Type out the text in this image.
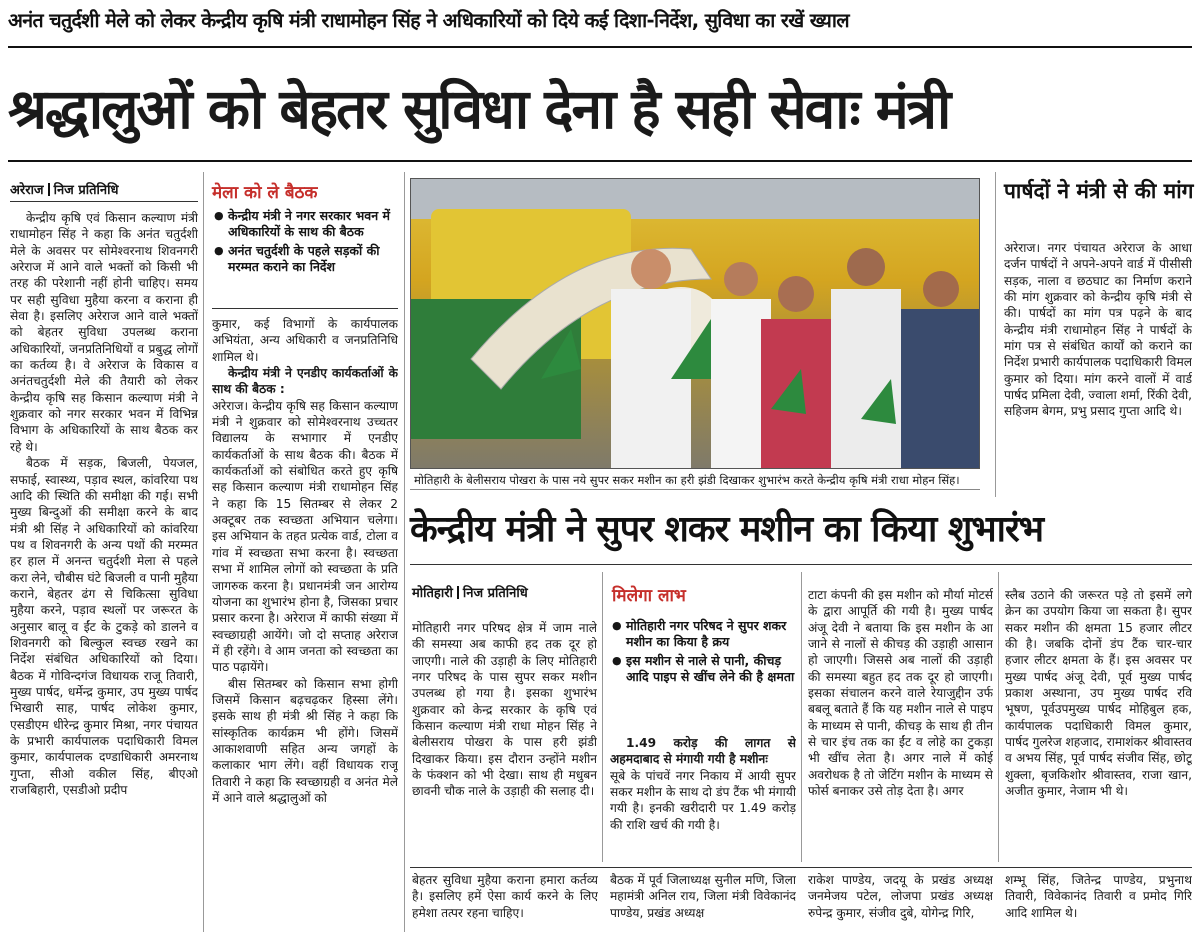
अनंत चतुर्दशी मेले को लेकर केन्द्रीय कृषि मंत्री राधामोहन सिंह ने अधिकारियों को दिये कई दिशा-निर्देश, सुविधा का रखें ख्याल
श्रद्धालुओं को बेहतर सुविधा देना है सही सेवाः मंत्री
अरेराज निज प्रतिनिधि

केन्द्रीय कृषि एवं किसान कल्याण मंत्री राधामोहन सिंह ने कहा कि अनंत चतुर्दशी मेले के अवसर पर सोमेश्वरनाथ शिवनगरी अरेराज में आने वाले भक्तों को किसी भी तरह की परेशानी नहीं होनी चाहिए। समय पर सही सुविधा मुहैया करना व कराना ही सेवा है। इसलिए अरेराज आने वाले भक्तों को बेहतर सुविधा उपलब्ध कराना अधिकारियों, जनप्रतिनिधियों व प्रबुद्ध लोगों का कर्तव्य है। वे अरेराज के विकास व अनंतचतुर्दशी मेले की तैयारी को लेकर केन्द्रीय कृषि सह किसान कल्याण मंत्री ने शुक्रवार को नगर सरकार भवन में विभिन्न विभाग के अधिकारियों के साथ बैठक कर रहे थे।

बैठक में सड़क, बिजली, पेयजल, सफाई, स्वास्थ्य, पड़ाव स्थल, कांवरिया पथ आदि की स्थिति की समीक्षा की गई। सभी मुख्य बिन्दुओं की समीक्षा करने के बाद मंत्री श्री सिंह ने अधिकारियों को कांवरिया पथ व शिवनगरी के अन्य पथों की मरम्मत हर हाल में अनन्त चतुर्दशी मेला से पहले करा लेने, चौबीस घंटे बिजली व पानी मुहैया कराने, बेहतर ढंग से चिकित्सा सुविधा मुहैया करने, पड़ाव स्थलों पर जरूरत के अनुसार बालू व ईंट के टुकड़े को डालने व शिवनगरी को बिल्कुल स्वच्छ रखने का निर्देश संबंधित अधिकारियों को दिया। बैठक में गोविन्दगंज विधायक राजू तिवारी, मुख्य पार्षद, धर्मेन्द्र कुमार, उप मुख्य पार्षद भिखारी साह, पार्षद लोकेश कुमार, एसडीएम धीरेन्द्र कुमार मिश्रा, नगर पंचायत के प्रभारी कार्यपालक पदाधिकारी विमल कुमार, कार्यपालक दण्डाधिकारी अमरनाथ गुप्ता, सीओ वकील सिंह, बीएओ राजबिहारी, एसडीओ प्रदीप

मेला को ले बैठक
● केन्द्रीय मंत्री ने नगर सरकार भवन में अधिकारियों के साथ की बैठक
● अनंत चतुर्दशी के पहले सड़कों की मरम्मत कराने का निर्देश

कुमार, कई विभागों के कार्यपालक अभियंता, अन्य अधिकारी व जनप्रतिनिधि शामिल थे।

केन्द्रीय मंत्री ने एनडीए कार्यकर्ताओं के साथ की बैठक :

अरेराज। केन्द्रीय कृषि सह किसान कल्याण मंत्री ने शुक्रवार को सोमेश्वरनाथ उच्चतर विद्यालय के सभागार में एनडीए कार्यकर्ताओं के साथ बैठक की। बैठक में कार्यकर्ताओं को संबोधित करते हुए कृषि सह किसान कल्याण मंत्री राधामोहन सिंह ने कहा कि 15 सितम्बर से लेकर 2 अक्टूबर तक स्वच्छता अभियान चलेगा। इस अभियान के तहत प्रत्येक वार्ड, टोला व गांव में स्वच्छता सभा करना है। स्वच्छता सभा में शामिल लोगों को स्वच्छता के प्रति जागरुक करना है। प्रधानमंत्री जन आरोग्य योजना का शुभारंभ होना है, जिसका प्रचार प्रसार करना है। अरेराज में काफी संख्या में स्वच्छाग्रही आयेंगे। जो दो सप्ताह अरेराज में ही रहेंगे। वे आम जनता को स्वच्छता का पाठ पढ़ायेंगे।

बीस सितम्बर को किसान सभा होगी जिसमें किसान बढ़चढ़कर हिस्सा लेंगे। इसके साथ ही मंत्री श्री सिंह ने कहा कि सांस्कृतिक कार्यक्रम भी होंगे। जिसमें आकाशवाणी सहित अन्य जगहों के कलाकार भाग लेंगे। वहीं विधायक राजू तिवारी ने कहा कि स्वच्छाग्रही व अनंत मेले में आने वाले श्रद्धालुओं को

मोतिहारी के बेलीसराय पोखरा के पास नये सुपर सकर मशीन का हरी झंडी दिखाकर शुभारंभ करते केन्द्रीय कृषि मंत्री राधा मोहन सिंह।
पार्षदों ने मंत्री से की मांग

अरेराज। नगर पंचायत अरेराज के आधा दर्जन पार्षदों ने अपने-अपने वार्ड में पीसीसी सड़क, नाला व छठघाट का निर्माण कराने की मांग शुक्रवार को केन्द्रीय कृषि मंत्री से की। पार्षदों का मांग पत्र पढ़ने के बाद केन्द्रीय मंत्री राधामोहन सिंह ने पार्षदों के मांग पत्र से संबंधित कार्यों को कराने का निर्देश प्रभारी कार्यपालक पदाधिकारी विमल कुमार को दिया। मांग करने वालों में वार्ड पार्षद प्रमिला देवी, ज्वाला शर्मा, रिंकी देवी, सहिजम बेगम, प्रभु प्रसाद गुप्ता आदि थे।

केन्द्रीय मंत्री ने सुपर शकर मशीन का किया शुभारंभ
मोतिहारी निज प्रतिनिधि

मोतिहारी नगर परिषद क्षेत्र में जाम नाले की समस्या अब काफी हद तक दूर हो जाएगी। नाले की उड़ाही के लिए मोतिहारी नगर परिषद के पास सुपर सकर मशीन उपलब्ध हो गया है। इसका शुभारंभ शुक्रवार को केन्द्र सरकार के कृषि एवं किसान कल्याण मंत्री राधा मोहन सिंह ने बेलीसराय पोखरा के पास हरी झंडी दिखाकर किया। इस दौरान उन्होंने मशीन के फंक्शन को भी देखा। साथ ही मधुबन छावनी चौक नाले के उड़ाही की सलाह दी।

मिलेगा लाभ
● मोतिहारी नगर परिषद ने सुपर शकर मशीन का किया है क्रय
● इस मशीन से नाले से पानी, कीचड़ आदि पाइप से खींच लेने की है क्षमता

1.49 करोड़ की लागत से अहमदाबाद से मंगायी गयी है मशीनः

सूबे के पांचवें नगर निकाय में आयी सुपर सकर मशीन के साथ दो डंप टैंक भी मंगायी गयी है। इनकी खरीदारी पर 1.49 करोड़ की राशि खर्च की गयी है।

टाटा कंपनी की इस मशीन को मौर्या मोटर्स के द्वारा आपूर्ति की गयी है। मुख्य पार्षद अंजू देवी ने बताया कि इस मशीन के आ जाने से नालों से कीचड़ की उड़ाही आसान हो जाएगी। जिससे अब नालों की उड़ाही की समस्या बहुत हद तक दूर हो जाएगी। इसका संचालन करने वाले रेयाजुद्दीन उर्फ बबलू बताते हैं कि यह मशीन नाले से पाइप के माध्यम से पानी, कीचड़ के साथ ही तीन से चार इंच तक का ईंट व लोहे का टुकड़ा भी खींच लेता है। अगर नाले में कोई अवरोधक है तो जेटिंग मशीन के माध्यम से फोर्स बनाकर उसे तोड़ देता है। अगर

स्लैब उठाने की जरूरत पड़े तो इसमें लगे क्रेन का उपयोग किया जा सकता है। सुपर सकर मशीन की क्षमता 15 हजार लीटर की है। जबकि दोनों डंप टैंक चार-चार हजार लीटर क्षमता के हैं। इस अवसर पर मुख्य पार्षद अंजू देवी, पूर्व मुख्य पार्षद प्रकाश अस्थाना, उप मुख्य पार्षद रवि भूषण, पूर्वउपमुख्य पार्षद मोहिबुल हक, कार्यपालक पदाधिकारी विमल कुमार, पार्षद गुलरेज शहजाद, रामाशंकर श्रीवास्तव व अभय सिंह, पूर्व पार्षद संजीव सिंह, छोटू शुक्ला, बृजकिशोर श्रीवास्तव, राजा खान, अजीत कुमार, नेजाम भी थे।

बेहतर सुविधा मुहैया कराना हमारा कर्तव्य है। इसलिए हमें ऐसा कार्य करने के लिए हमेशा तत्पर रहना चाहिए।

बैठक में पूर्व जिलाध्यक्ष सुनील मणि, जिला महामंत्री अनिल राय, जिला मंत्री विवेकानंद पाण्डेय, प्रखंड अध्यक्ष

राकेश पाण्डेय, जदयू के प्रखंड अध्यक्ष जनमेजय पटेल, लोजपा प्रखंड अध्यक्ष रुपेन्द्र कुमार, संजीव दुबे, योगेन्द्र गिरि,

शम्भू सिंह, जितेन्द्र पाण्डेय, प्रभुनाथ तिवारी, विवेकानंद तिवारी व प्रमोद गिरि आदि शामिल थे।
